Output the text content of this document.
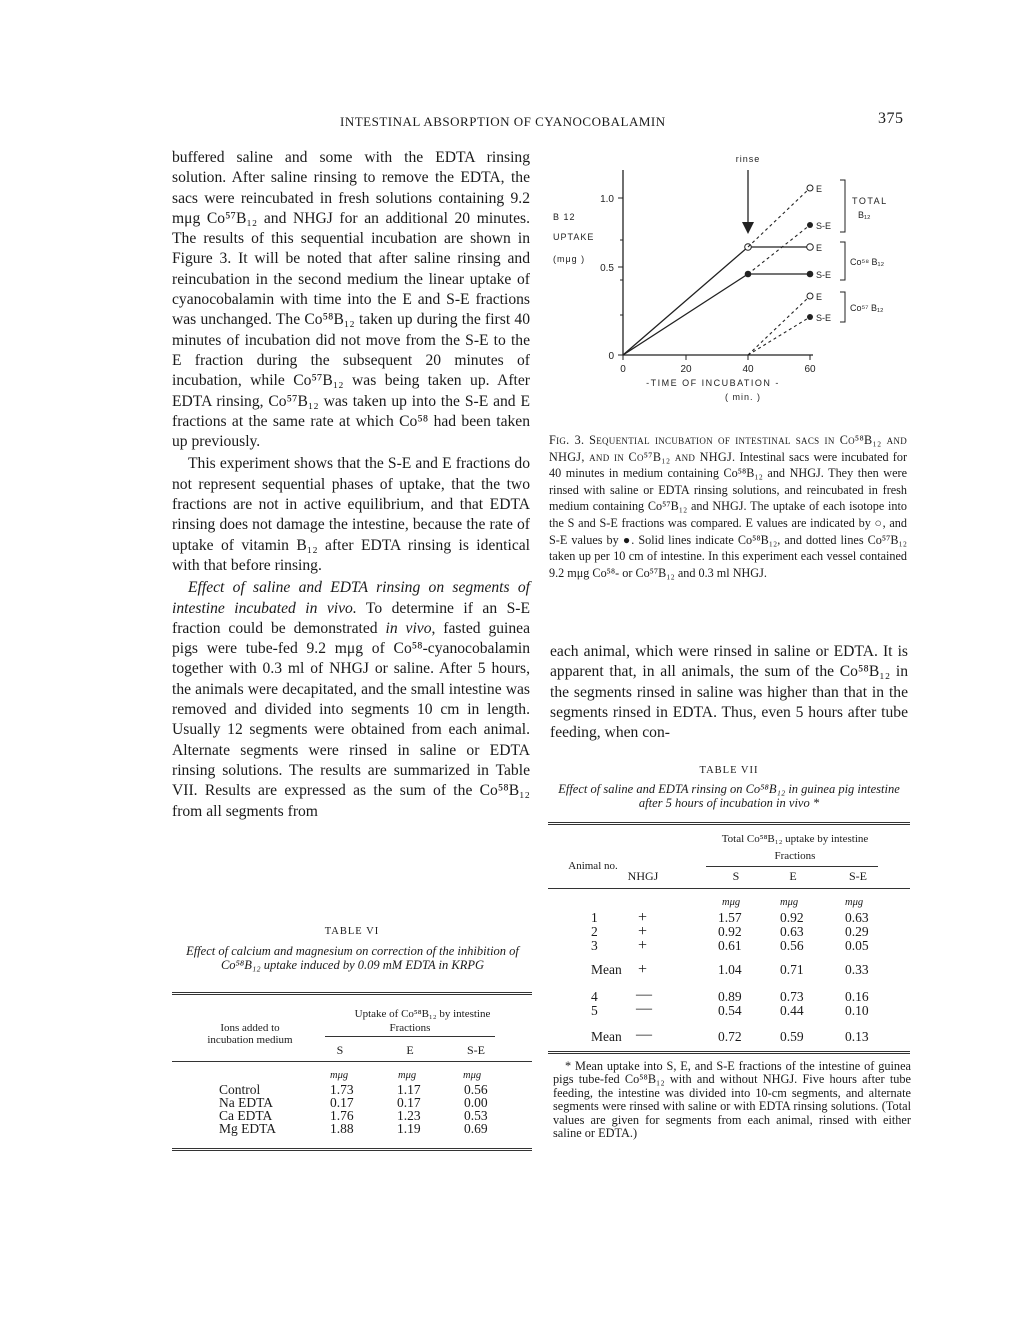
INTESTINAL ABSORPTION OF CYANOCOBALAMIN	375

buffered saline and some with the EDTA rinsing solution. After saline rinsing to remove the EDTA, the sacs were reincubated in fresh solutions containing 9.2 mμg Co⁵⁷B₁₂ and NHGJ for an additional 20 minutes. The results of this sequential incubation are shown in Figure 3. It will be noted that after saline rinsing and reincubation in the second medium the linear uptake of cyanocobalamin with time into the E and S-E fractions was unchanged. The Co⁵⁸B₁₂ taken up during the first 40 minutes of incubation did not move from the S-E to the E fraction during the subsequent 20 minutes of incubation, while Co⁵⁷B₁₂ was being taken up. After EDTA rinsing, Co⁵⁷B₁₂ was taken up into the S-E and E fractions at the same rate at which Co⁵⁸ had been taken up previously.

This experiment shows that the S-E and E fractions do not represent sequential phases of uptake, that the two fractions are not in active equilibrium, and that EDTA rinsing does not damage the intestine, because the rate of uptake of vitamin B₁₂ after EDTA rinsing is identical with that before rinsing.

Effect of saline and EDTA rinsing on segments of intestine incubated in vivo. To determine if an S-E fraction could be demonstrated in vivo, fasted guinea pigs were tube-fed 9.2 mμg of Co⁵⁸-cyanocobalamin together with 0.3 ml of NHGJ or saline. After 5 hours, the animals were decapitated, and the small intestine was removed and divided into segments 10 cm in length. Usually 12 segments were obtained from each animal. Alternate segments were rinsed in saline or EDTA rinsing solutions. The results are summarized in Table VII. Results are expressed as the sum of the Co⁵⁸B₁₂ from all segments from

B 12
UPTAKE
(mμg )
0
0.5
1.0
0	20	40	60
-TIME OF INCUBATION -
( min. )
rinse
E
S-E
E
S-E
E
S-E
TOTAL
B₁₂
Co⁵⁸ B₁₂
Co⁵⁷ B₁₂

Fig. 3. Sequential incubation of intestinal sacs in Co⁵⁸B₁₂ and NHGJ, and in Co⁵⁷B₁₂ and NHGJ. Intestinal sacs were incubated for 40 minutes in medium containing Co⁵⁸B₁₂ and NHGJ. They then were rinsed with saline or EDTA rinsing solutions, and reincubated in fresh medium containing Co⁵⁷B₁₂ and NHGJ. The uptake of each isotope into the S and S-E fractions was compared. E values are indicated by ○, and S-E values by ●. Solid lines indicate Co⁵⁸B₁₂, and dotted lines Co⁵⁷B₁₂ taken up per 10 cm of intestine. In this experiment each vessel contained 9.2 mμg Co⁵⁸- or Co⁵⁷B₁₂ and 0.3 ml NHGJ.

each animal, which were rinsed in saline or EDTA. It is apparent that, in all animals, the sum of the Co⁵⁸B₁₂ in the segments rinsed in saline was higher than that in the segments rinsed in EDTA. Thus, even 5 hours after tube feeding, when con-

TABLE VI
Effect of calcium and magnesium on correction of the inhibition of Co⁵⁸B₁₂ uptake induced by 0.09 mM EDTA in KRPG
Uptake of Co⁵⁸B₁₂ by intestine
Fractions
Ions added to incubation medium
S	E	S-E
mμg	mμg	mμg
Control	1.73	1.17	0.56
Na EDTA	0.17	0.17	0.00
Ca EDTA	1.76	1.23	0.53
Mg EDTA	1.88	1.19	0.69
TABLE VII
Effect of saline and EDTA rinsing on Co⁵⁸B₁₂ in guinea pig intestine after 5 hours of incubation in vivo *
Total Co⁵⁸B₁₂ uptake by intestine
Fractions
Animal no.
NHGJ	S	E	S-E
mμg	mμg	mμg
1	+	1.57	0.92	0.63
2	+	0.92	0.63	0.29
3	+	0.61	0.56	0.05
Mean +	1.04	0.71	0.33
4 —	0.89	0.73	0.16
5 —	0.54	0.44	0.10
Mean —	0.72	0.59	0.13
* Mean uptake into S, E, and S-E fractions of the intestine of guinea pigs tube-fed Co⁵⁸B₁₂ with and without NHGJ. Five hours after tube feeding, the intestine was divided into 10-cm segments, and alternate segments were rinsed with saline or with EDTA rinsing solutions. (Total values are given for segments from each animal, rinsed with either saline or EDTA.)
